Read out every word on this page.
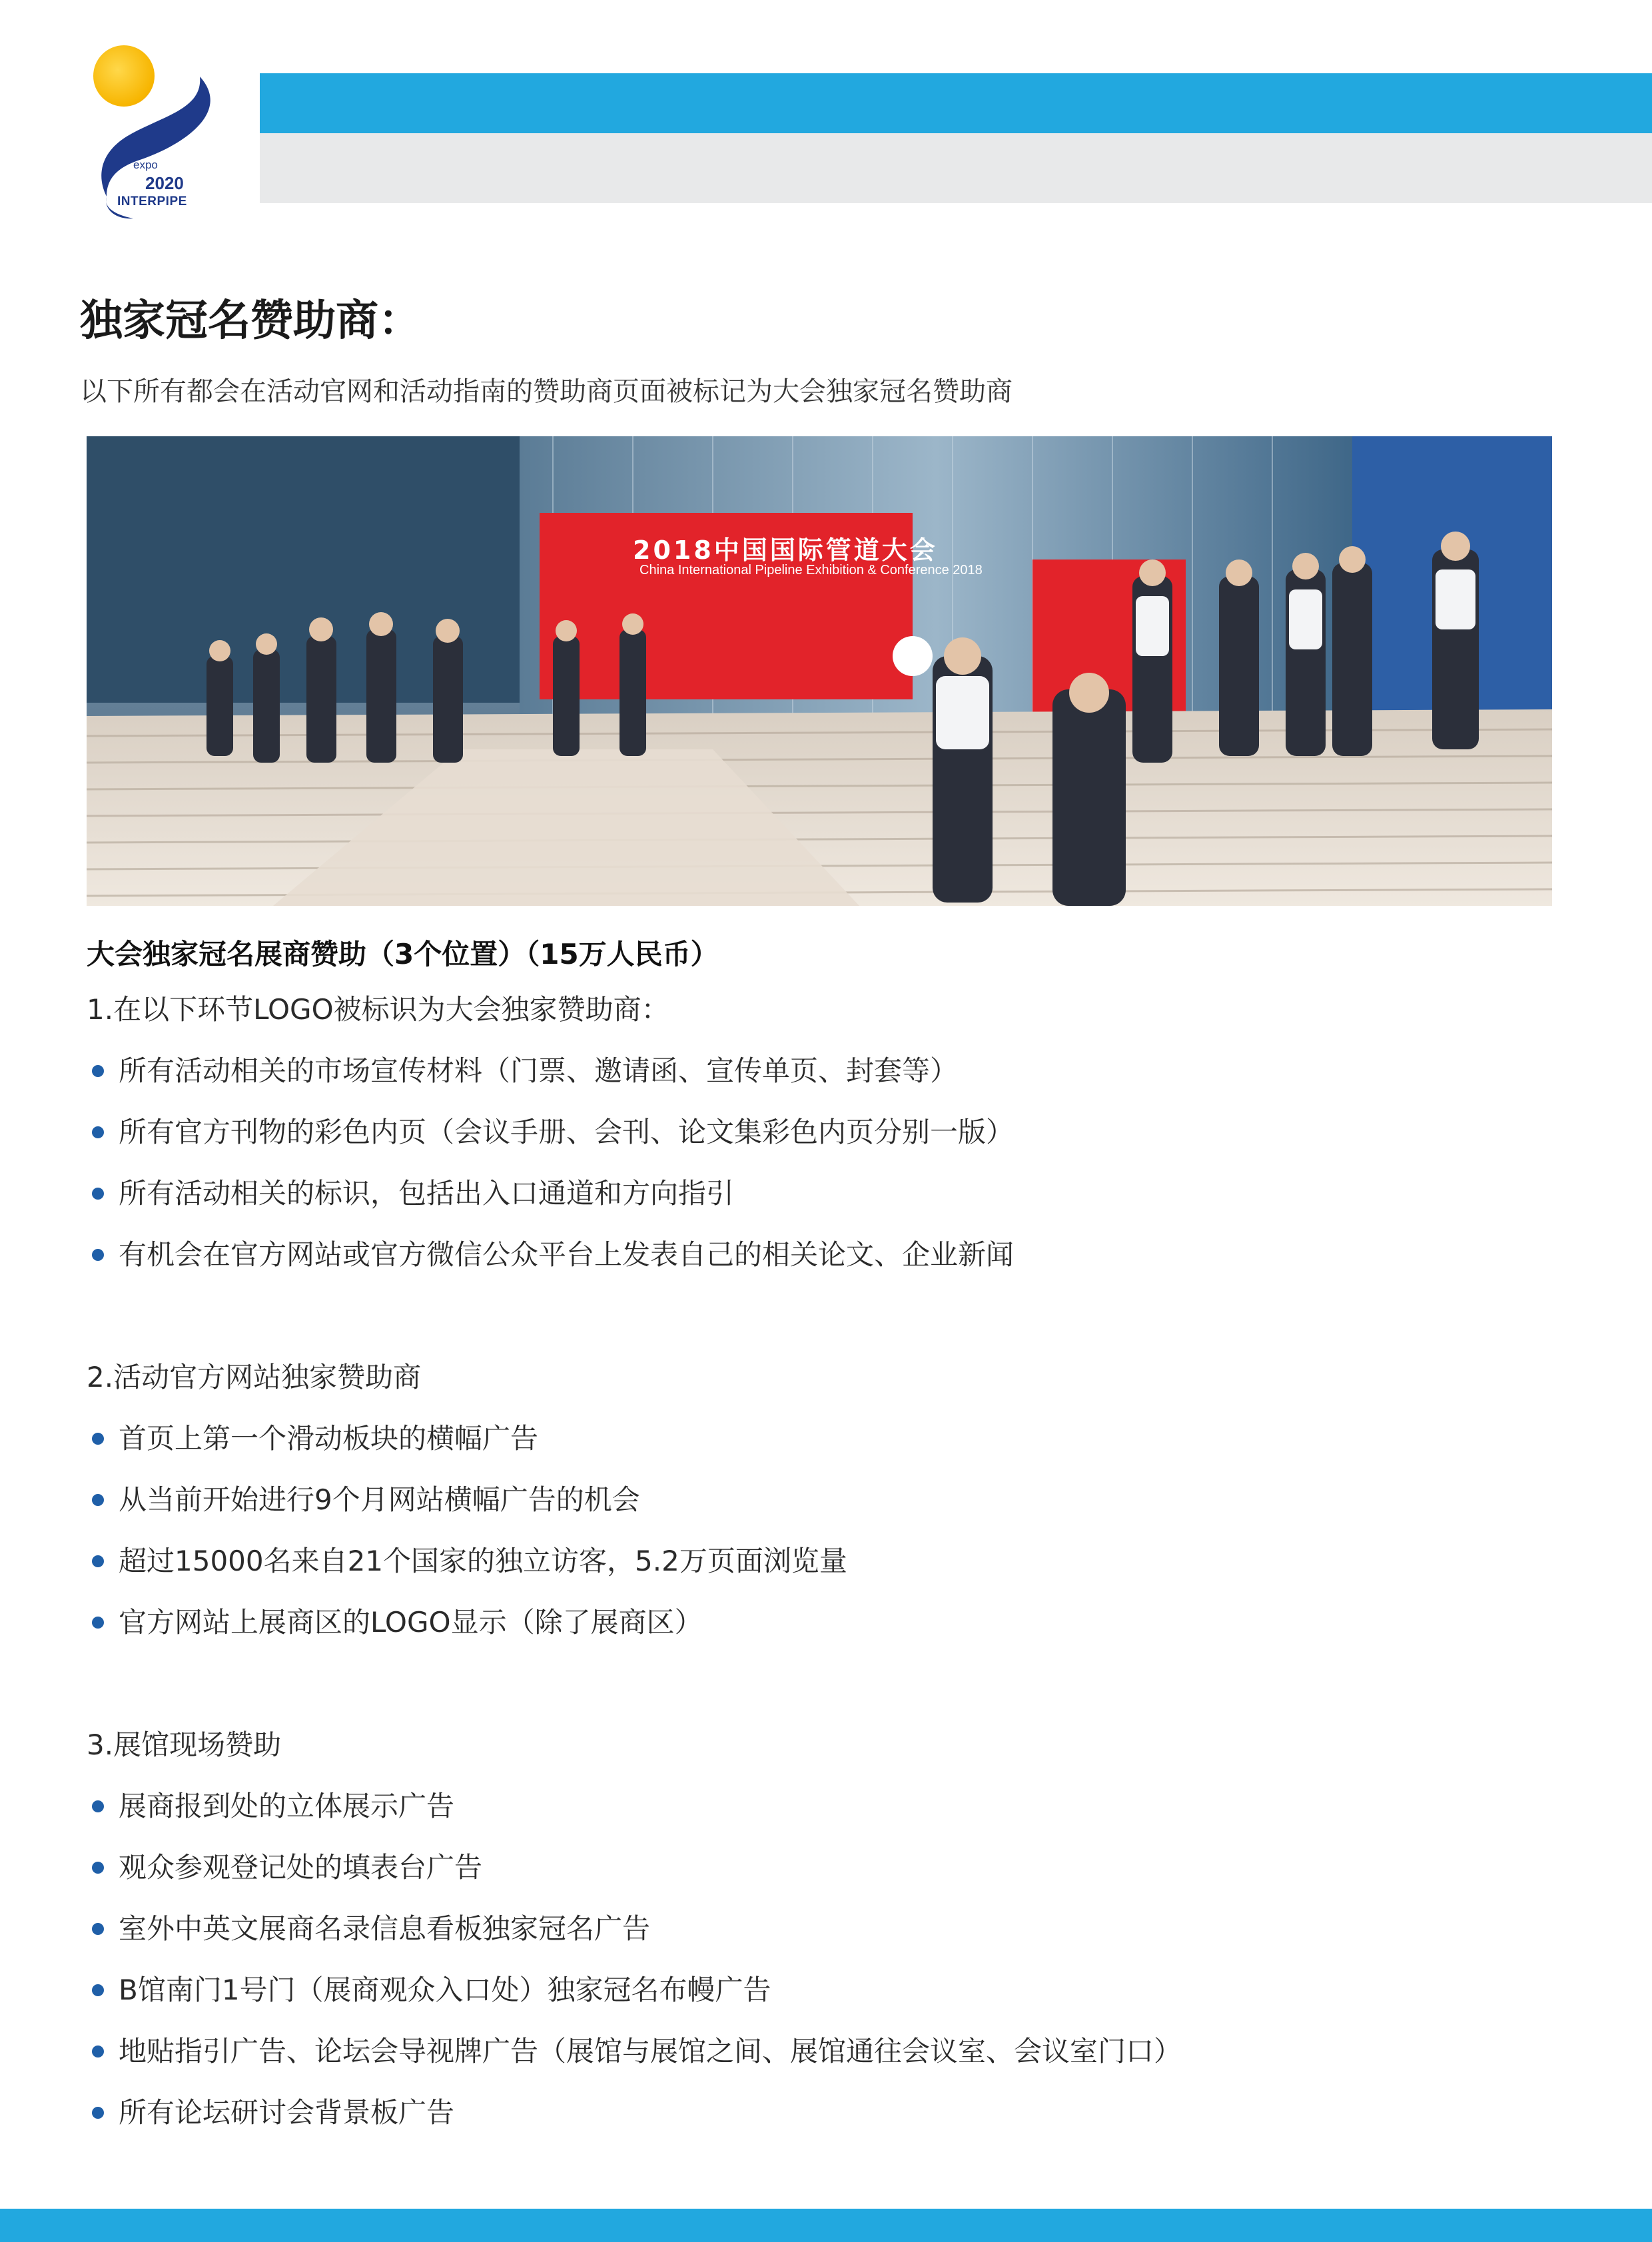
expo
2020
INTERPIPE
独家冠名赞助商：
以下所有都会在活动官网和活动指南的赞助商页面被标记为大会独家冠名赞助商
2018中国国际管道大会
China International Pipeline Exhibition & Conference 2018
大会独家冠名展商赞助（3个位置）（15万人民币）
1.在以下环节LOGO被标识为大会独家赞助商：
所有活动相关的市场宣传材料（门票、邀请函、宣传单页、封套等）
所有官方刊物的彩色内页（会议手册、会刊、论文集彩色内页分别一版）
所有活动相关的标识，包括出入口通道和方向指引
有机会在官方网站或官方微信公众平台上发表自己的相关论文、企业新闻
2.活动官方网站独家赞助商
首页上第一个滑动板块的横幅广告
从当前开始进行9个月网站横幅广告的机会
超过15000名来自21个国家的独立访客，5.2万页面浏览量
官方网站上展商区的LOGO显示（除了展商区）
3.展馆现场赞助
展商报到处的立体展示广告
观众参观登记处的填表台广告
室外中英文展商名录信息看板独家冠名广告
B馆南门1号门（展商观众入口处）独家冠名布幔广告
地贴指引广告、论坛会导视牌广告（展馆与展馆之间、展馆通往会议室、会议室门口）
所有论坛研讨会背景板广告
